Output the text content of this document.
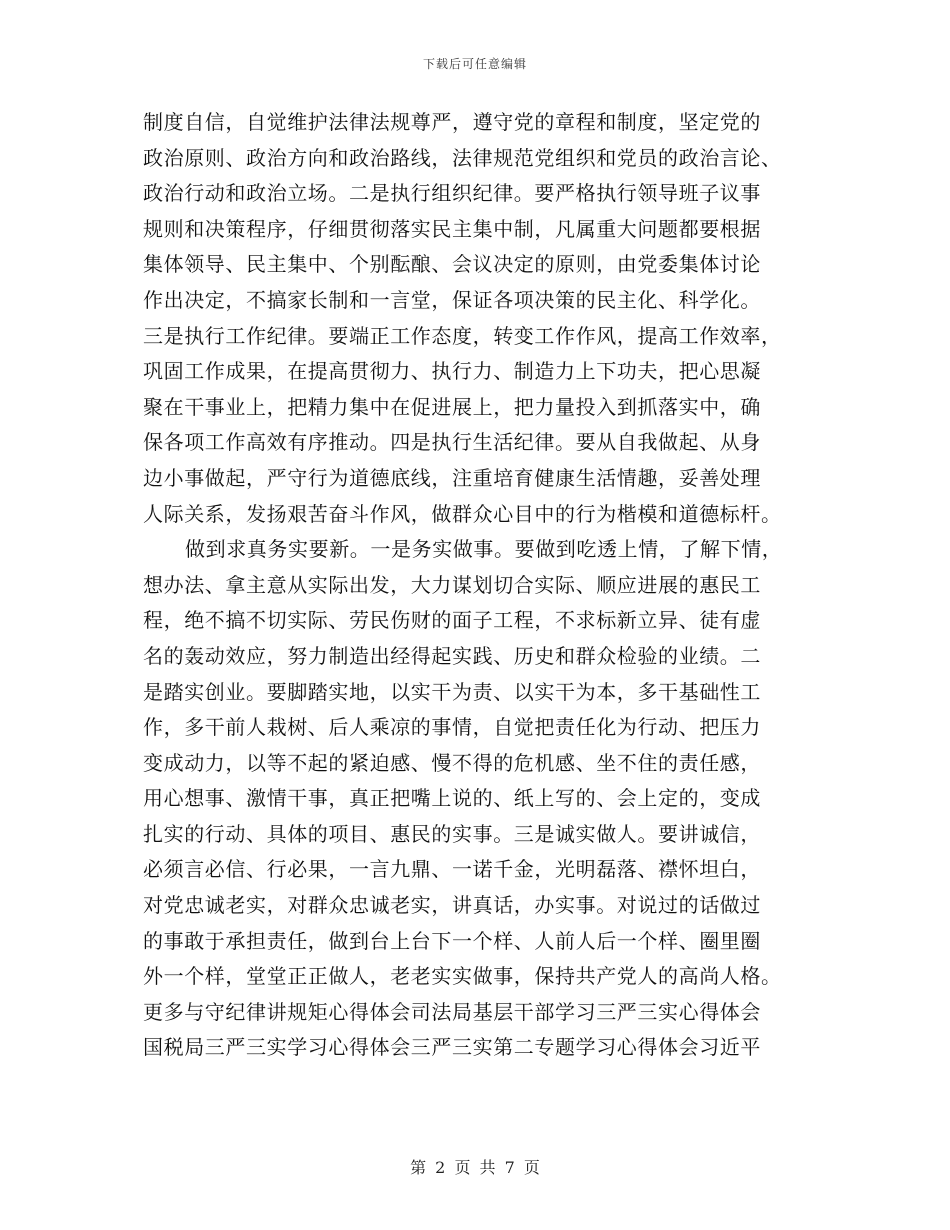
下载后可任意编辑
制度自信，自觉维护法律法规尊严，遵守党的章程和制度，坚定党的
政治原则、政治方向和政治路线，法律规范党组织和党员的政治言论、
政治行动和政治立场。二是执行组织纪律。要严格执行领导班子议事
规则和决策程序，仔细贯彻落实民主集中制，凡属重大问题都要根据
集体领导、民主集中、个别酝酿、会议决定的原则，由党委集体讨论
作出决定，不搞家长制和一言堂，保证各项决策的民主化、科学化。
三是执行工作纪律。要端正工作态度，转变工作作风，提高工作效率，
巩固工作成果，在提高贯彻力、执行力、制造力上下功夫，把心思凝
聚在干事业上，把精力集中在促进展上，把力量投入到抓落实中，确
保各项工作高效有序推动。四是执行生活纪律。要从自我做起、从身
边小事做起，严守行为道德底线，注重培育健康生活情趣，妥善处理
人际关系，发扬艰苦奋斗作风，做群众心目中的行为楷模和道德标杆。
做到求真务实要新。一是务实做事。要做到吃透上情，了解下情，
想办法、拿主意从实际出发，大力谋划切合实际、顺应进展的惠民工
程，绝不搞不切实际、劳民伤财的面子工程，不求标新立异、徒有虚
名的轰动效应，努力制造出经得起实践、历史和群众检验的业绩。二
是踏实创业。要脚踏实地，以实干为责、以实干为本，多干基础性工
作，多干前人栽树、后人乘凉的事情，自觉把责任化为行动、把压力
变成动力，以等不起的紧迫感、慢不得的危机感、坐不住的责任感，
用心想事、激情干事，真正把嘴上说的、纸上写的、会上定的，变成
扎实的行动、具体的项目、惠民的实事。三是诚实做人。要讲诚信，
必须言必信、行必果，一言九鼎、一诺千金，光明磊落、襟怀坦白，
对党忠诚老实，对群众忠诚老实，讲真话，办实事。对说过的话做过
的事敢于承担责任，做到台上台下一个样、人前人后一个样、圈里圈
外一个样，堂堂正正做人，老老实实做事，保持共产党人的高尚人格。
更多与守纪律讲规矩心得体会司法局基层干部学习三严三实心得体会
国税局三严三实学习心得体会三严三实第二专题学习心得体会习近平
第 2 页 共 7 页
